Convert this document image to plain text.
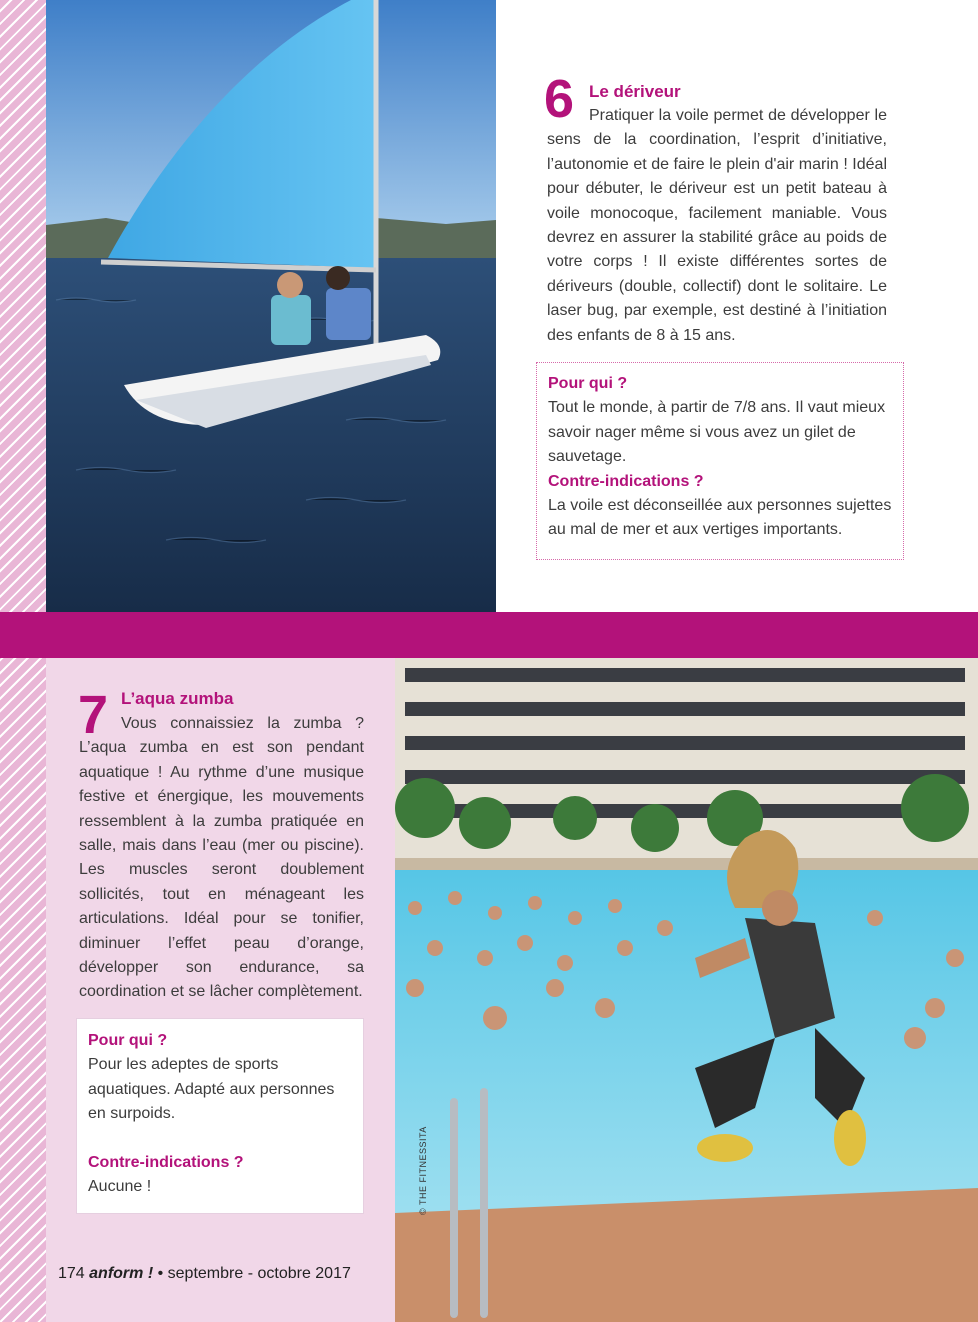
6 Le dériveur
Pratiquer la voile permet de développer le sens de la coordination, l’esprit d’initiative, l’autonomie et de faire le plein d'air marin ! Idéal pour débuter, le dériveur est un petit bateau à voile monocoque, facilement maniable. Vous devrez en assurer la stabilité grâce au poids de votre corps ! Il existe différentes sortes de dériveurs (double, collectif) dont le solitaire. Le laser bug, par exemple, est destiné à l’initiation des enfants de 8 à 15 ans.

Pour qui ?

Tout le monde, à partir de 7/8 ans. Il vaut mieux savoir nager même si vous avez un gilet de sauvetage.

Contre-indications ?

La voile est déconseillée aux personnes sujettes au mal de mer et aux vertiges importants.

7 L’aqua zumba
Vous connaissiez la zumba ? L’aqua zumba en est son pendant aquatique ! Au rythme d’une musique festive et énergique, les mouvements ressemblent à la zumba pratiquée en salle, mais dans l’eau (mer ou piscine). Les muscles seront doublement sollicités, tout en ménageant les articulations. Idéal pour se tonifier, diminuer l’effet peau d’orange, développer son endurance, sa coordination et se lâcher complètement.

Pour qui ?

Pour les adeptes de sports aquatiques. Adapté aux personnes en surpoids.

Contre-indications ?

Aucune !	© THE FITNESSITA
174 anform ! • septembre - octobre 2017
